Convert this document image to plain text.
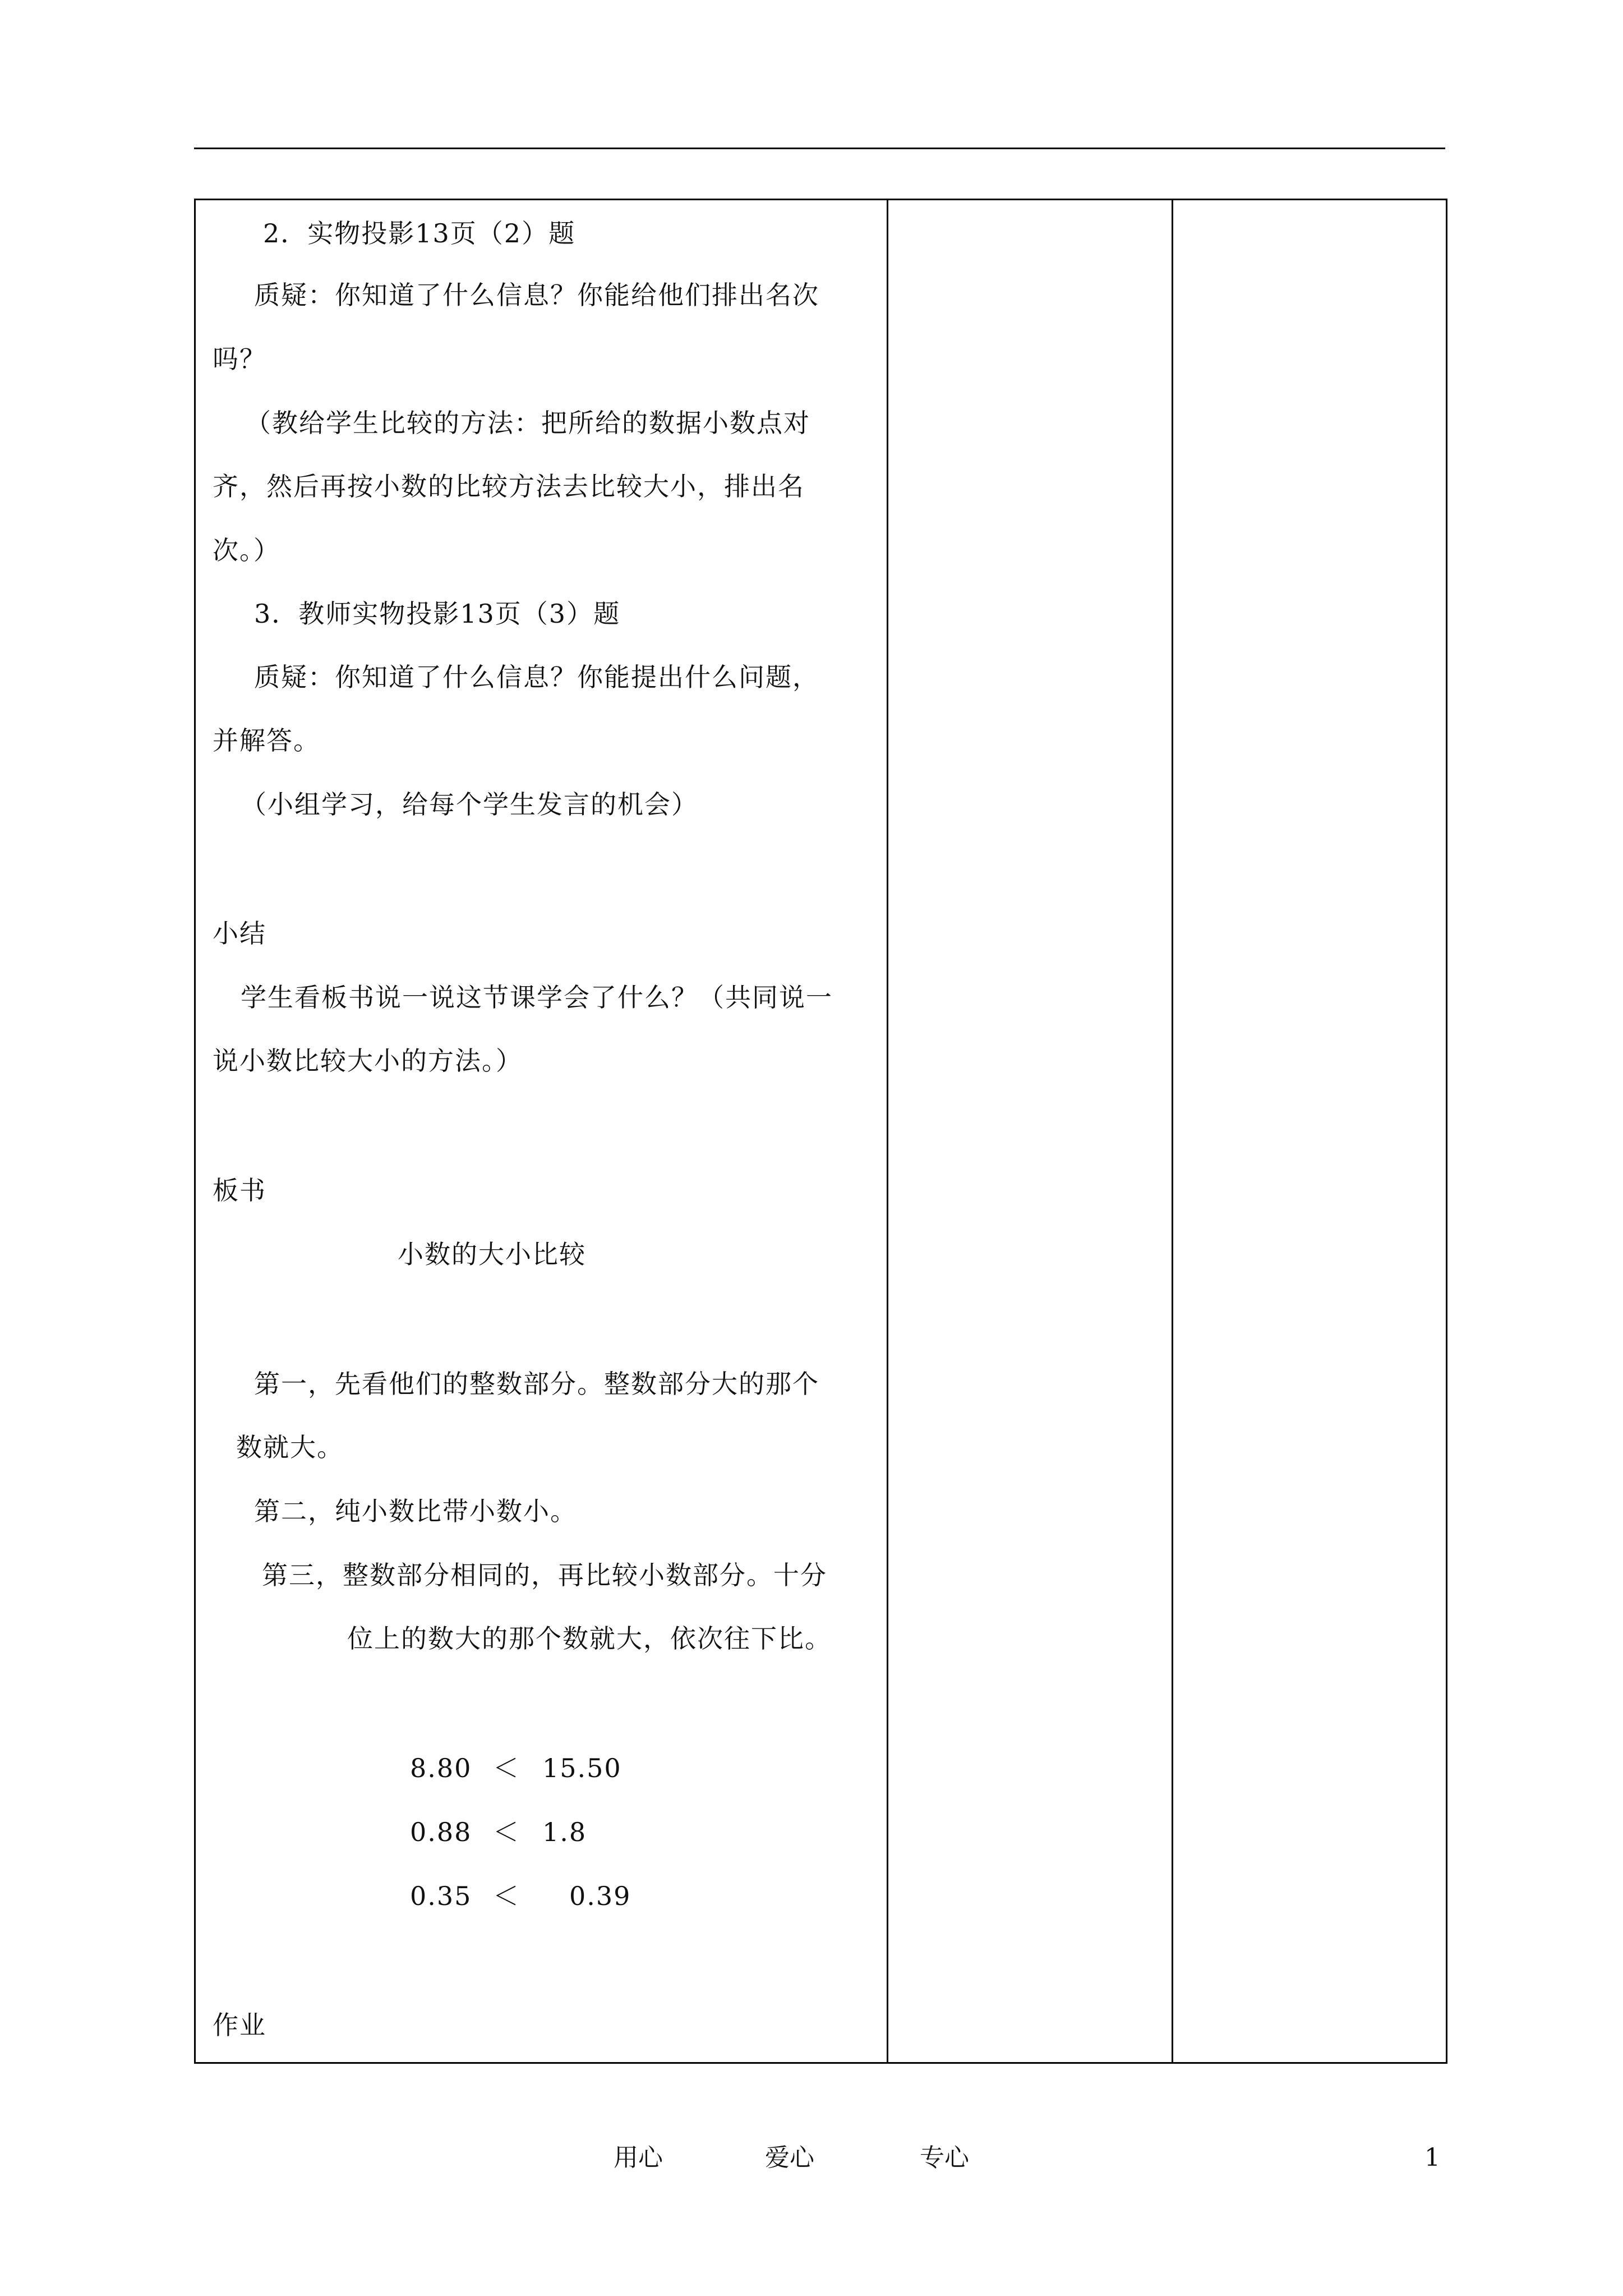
2．实物投影13页（2）题
质疑：你知道了什么信息？你能给他们排出名次
吗？
（教给学生比较的方法：把所给的数据小数点对
齐，然后再按小数的比较方法去比较大小，排出名
次。）
3．教师实物投影13页（3）题
质疑：你知道了什么信息？你能提出什么问题，
并解答。
（小组学习，给每个学生发言的机会）
小结
学生看板书说一说这节课学会了什么？（共同说一
说小数比较大小的方法。）
板书
小数的大小比较
第一，先看他们的整数部分。整数部分大的那个
数就大。
第二，纯小数比带小数小。
第三，整数部分相同的，再比较小数部分。十分
位上的数大的那个数就大，依次往下比。
8.80 ＜ 15.50
0.88 ＜ 1.8
0.35 ＜ 0.39
作业
用心	爱心	专心	1
